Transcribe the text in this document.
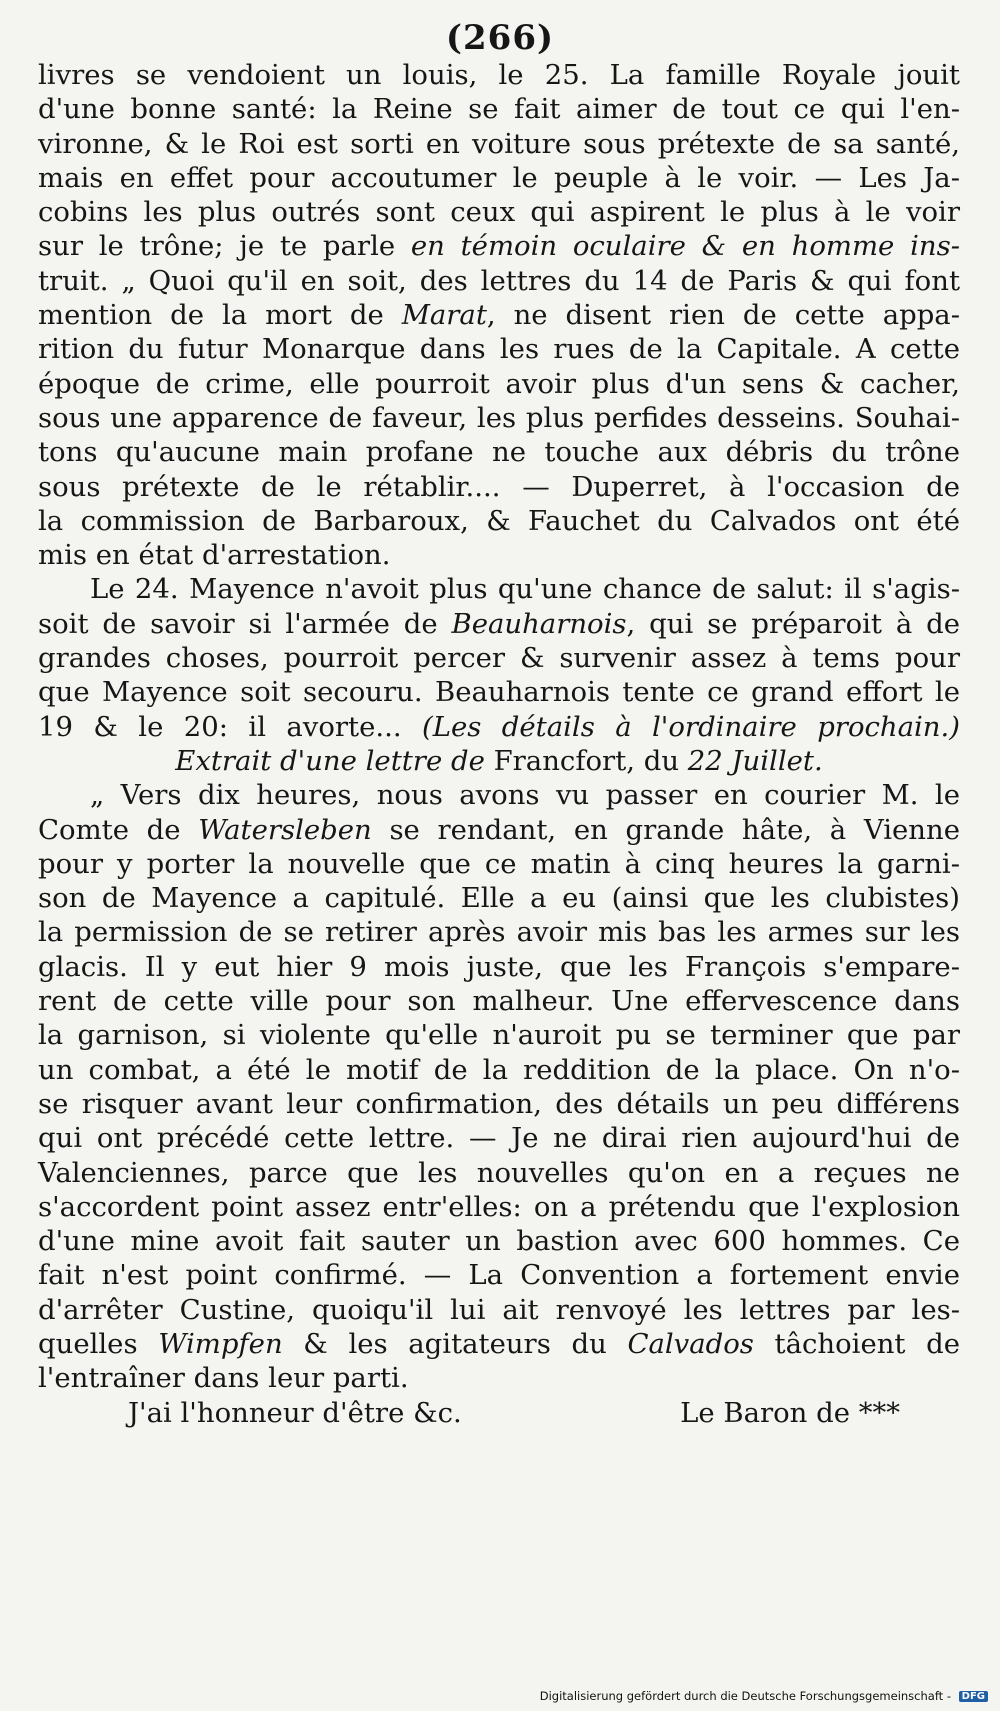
(266)
livres se vendoient un louis, le 25. La famille Royale jouit
d'une bonne santé: la Reine se fait aimer de tout ce qui l'en-
vironne, & le Roi est sorti en voiture sous prétexte de sa santé,
mais en effet pour accoutumer le peuple à le voir. — Les Ja-
cobins les plus outrés sont ceux qui aspirent le plus à le voir
sur le trône; je te parle en témoin oculaire & en homme ins-
truit. „ Quoi qu'il en soit, des lettres du 14 de Paris & qui font
mention de la mort de Marat, ne disent rien de cette appa-
rition du futur Monarque dans les rues de la Capitale. A cette
époque de crime, elle pourroit avoir plus d'un sens & cacher,
sous une apparence de faveur, les plus perfides desseins. Souhai-
tons qu'aucune main profane ne touche aux débris du trône
sous prétexte de le rétablir.... — Duperret, à l'occasion de
la commission de Barbaroux, & Fauchet du Calvados ont été
mis en état d'arrestation.
Le 24. Mayence n'avoit plus qu'une chance de salut: il s'agis-
soit de savoir si l'armée de Beauharnois, qui se préparoit à de
grandes choses, pourroit percer & survenir assez à tems pour
que Mayence soit secouru. Beauharnois tente ce grand effort le
19 & le 20: il avorte... (Les détails à l'ordinaire prochain.)
Extrait d'une lettre de Francfort, du 22 Juillet.
„ Vers dix heures, nous avons vu passer en courier M. le
Comte de Watersleben se rendant, en grande hâte, à Vienne
pour y porter la nouvelle que ce matin à cinq heures la garni-
son de Mayence a capitulé. Elle a eu (ainsi que les clubistes)
la permission de se retirer après avoir mis bas les armes sur les
glacis. Il y eut hier 9 mois juste, que les François s'empare-
rent de cette ville pour son malheur. Une effervescence dans
la garnison, si violente qu'elle n'auroit pu se terminer que par
un combat, a été le motif de la reddition de la place. On n'o-
se risquer avant leur confirmation, des détails un peu différens
qui ont précédé cette lettre. — Je ne dirai rien aujourd'hui de
Valenciennes, parce que les nouvelles qu'on en a reçues ne
s'accordent point assez entr'elles: on a prétendu que l'explosion
d'une mine avoit fait sauter un bastion avec 600 hommes. Ce
fait n'est point confirmé. — La Convention a fortement envie
d'arrêter Custine, quoiqu'il lui ait renvoyé les lettres par les-
quelles Wimpfen & les agitateurs du Calvados tâchoient de
l'entraîner dans leur parti.
J'ai l'honneur d'être &c.	Le Baron de ***
Digitalisierung gefördert durch die Deutsche Forschungsgemeinschaft - DFG
